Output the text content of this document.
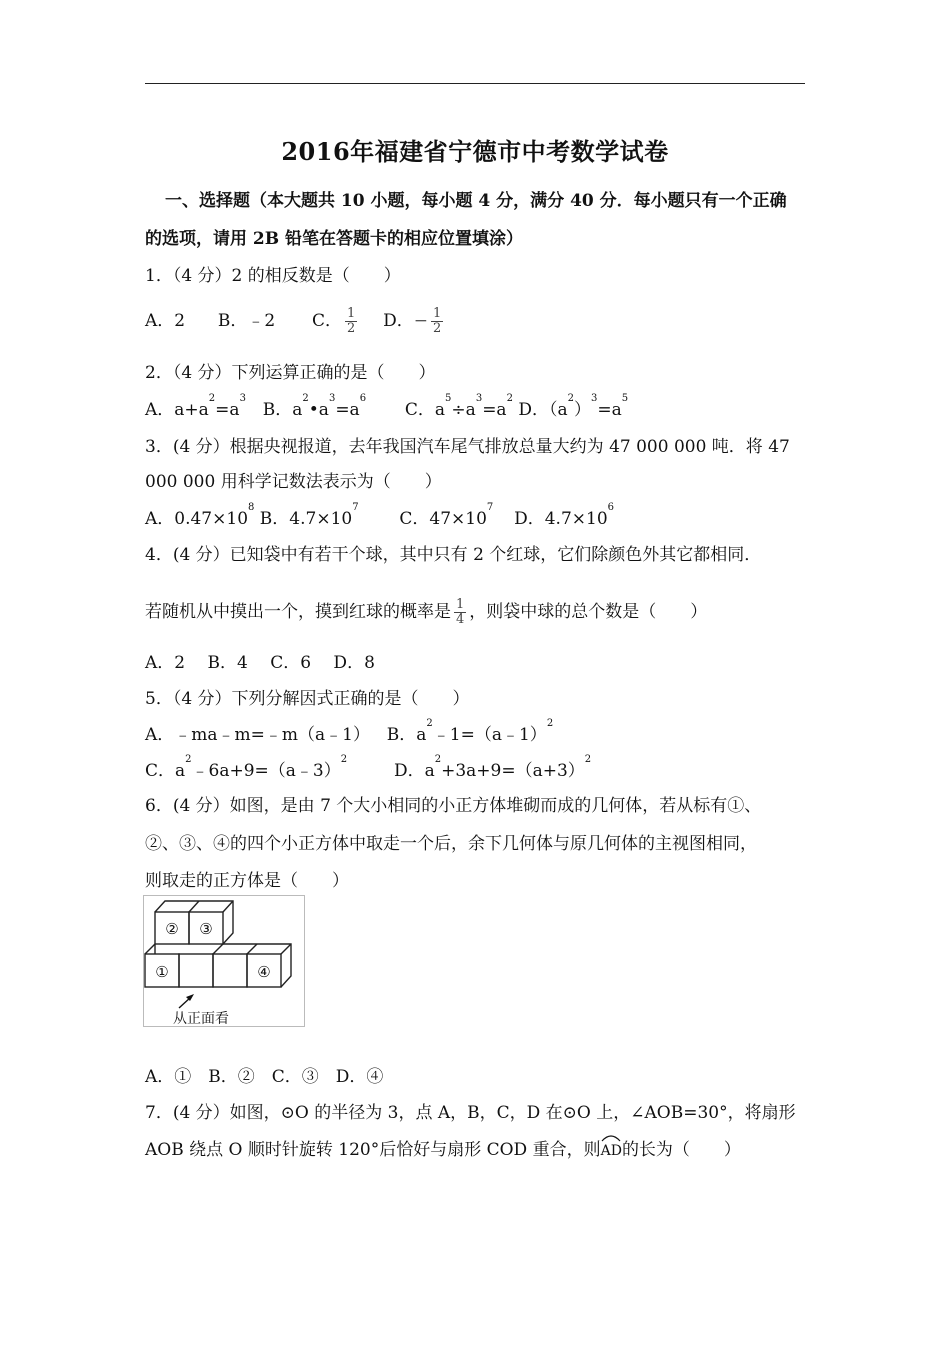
2016年福建省宁德市中考数学试卷
一、选择题（本大题共 10 小题，每小题 4 分，满分 40 分．每小题只有一个正确
的选项，请用 2B 铅笔在答题卡的相应位置填涂）
1．（4 分）2 的相反数是（　　）
A．2 B．﹣2 C． $\frac{1}{2}$ D．− $\frac{1}{2}$
2．（4 分）下列运算正确的是（　　）
A．$a+a^2=a^3$  B．$a^2•a^3=a^6$  C．$a^5\div a^3=a^2$ D．$(a^2)^3=a^5$
3．(4 分）根据央视报道，去年我国汽车尾气排放总量大约为 47 000 000 吨．将 47
000 000 用科学记数法表示为（　　）
A．$0.47\times 10^8$ B．$4.7\times 10^7$  C．$47\times 10^7$  D．$4.7\times 10^6$
4．(4 分）已知袋中有若干个球，其中只有 2 个红球，它们除颜色外其它都相同．
若随机从中摸出一个，摸到红球的概率是 $\frac{1}{4}$ ，则袋中球的总个数是（　　）
A．2　 B．4　 C．6　 D．8
5．（4 分）下列分解因式正确的是（　　）
A．﹣ma﹣m=﹣m（a﹣1） B．$a^2﹣1=(a﹣1)^2$
C．$a^2﹣6a+9=(a﹣3)^2$  D．$a^2+3a+9=(a+3)^2$
6．(4 分）如图，是由 7 个大小相同的小正方体堆砌而成的几何体，若从标有①、
②、③、④的四个小正方体中取走一个后，余下几何体与原几何体的主视图相同，
则取走的正方体是（　　）
② ③
①	④
从正面看
A．①　B．②　C．③　D．④
7．(4 分）如图，⊙O 的半径为 3，点 A，B，C，D 在⊙O 上，∠AOB=30°，将扇形
AOB 绕点 O 顺时针旋转 120°后恰好与扇形 COD 重合，则
AD的长为（　　）
